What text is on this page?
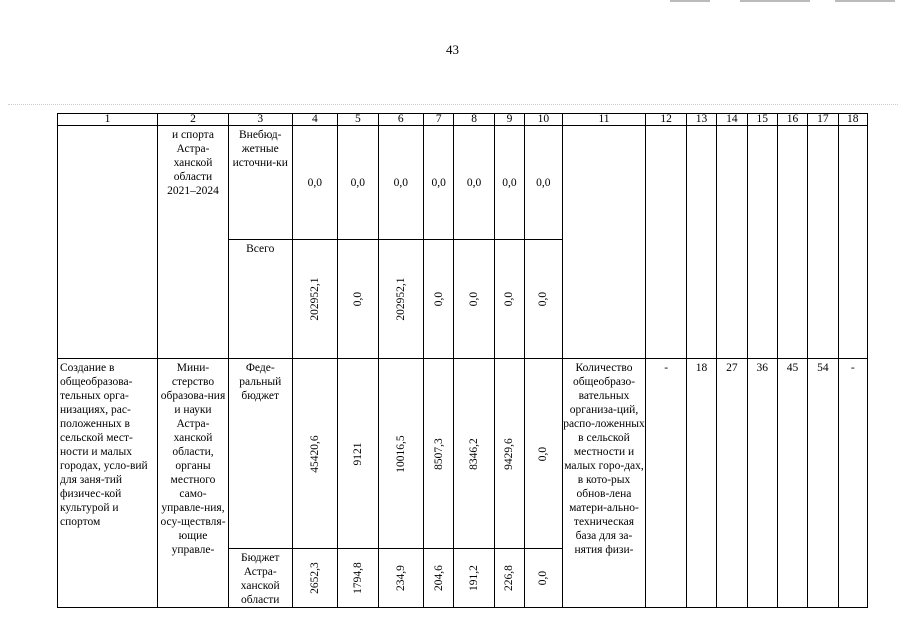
43
1	2	3	4	5	6	7	8	9	10	11	12	13	14	15	16	17	18
	и спорта Астра-ханской области 2021–2024	Внебюд-жетные источни-ки	0,0	0,0	0,0	0,0	0,0	0,0	0,0								
		Всего	202952,1	0,0	202952,1	0,0	0,0	0,0	0,0								

Создание в общеобразова-тельных орга-низациях, рас-положенных в сельской мест-ности и малых городах, усло-вий для заня-тий физичес-кой культурой и спортом	Мини-стерство образова-ния и науки Астра-ханской области, органы местного само-управле-ния, осу-ществля-ющие управле-	Феде-ральный бюджет	45420,6	9121	10016,5	8507,3	8346,2	9429,6	0,0	Количество общеобразо-вательных организа-ций, распо-ложенных в сельской местности и малых горо-дах, в кото-рых обнов-лена матери-ально-техническая база для за-нятия физи-	-	18	27	36	45	54	-
		Бюджет Астра-ханской области	2652,3	1794,8	234,9	204,6	191,2	226,8	0,0								
